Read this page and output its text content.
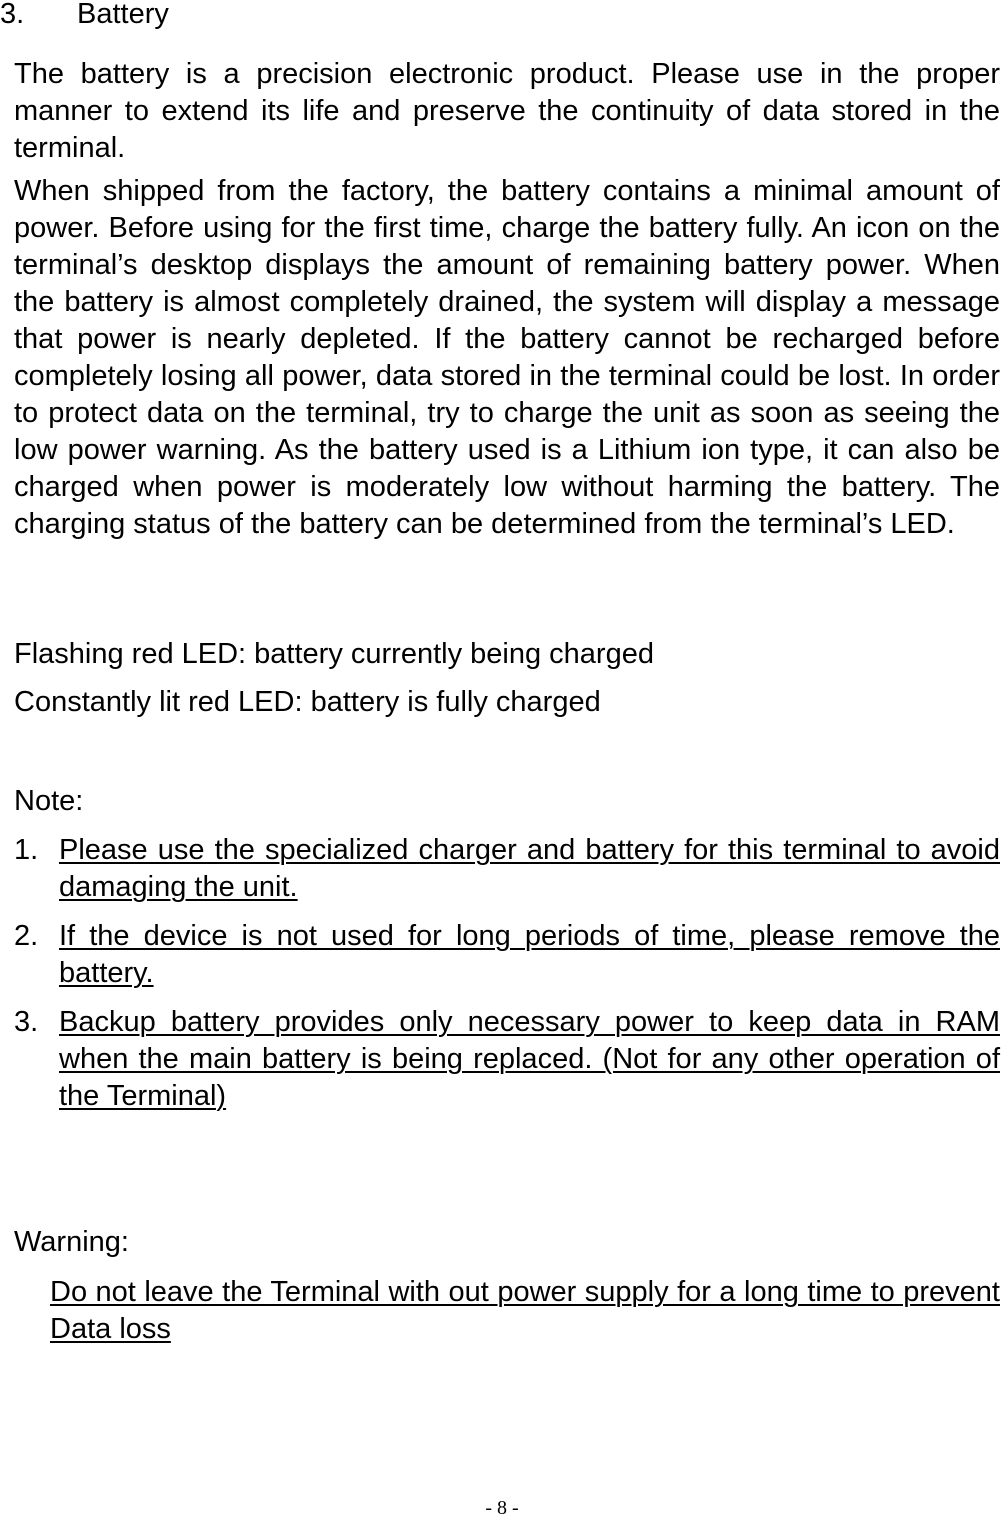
3. Battery

The battery is a precision electronic product. Please use in the proper manner to extend its life and preserve the continuity of data stored in the terminal.

When shipped from the factory, the battery contains a minimal amount of power. Before using for the first time, charge the battery fully. An icon on the terminal’s desktop displays the amount of remaining battery power. When the battery is almost completely drained, the system will display a message that power is nearly depleted. If the battery cannot be recharged before completely losing all power, data stored in the terminal could be lost. In order to protect data on the terminal, try to charge the unit as soon as seeing the low power warning. As the battery used is a Lithium ion type, it can also be charged when power is moderately low without harming the battery. The charging status of the battery can be determined from the terminal’s LED.

Flashing red LED: battery currently being charged

Constantly lit red LED: battery is fully charged

Note:

1. Please use the specialized charger and battery for this terminal to avoid damaging the unit.
2. If the device is not used for long periods of time, please remove the battery.
3. Backup battery provides only necessary power to keep data in RAM when the main battery is being replaced. (Not for any other operation of the Terminal)

Warning:

Do not leave the Terminal with out power supply for a long time to prevent Data loss

- 8 -
